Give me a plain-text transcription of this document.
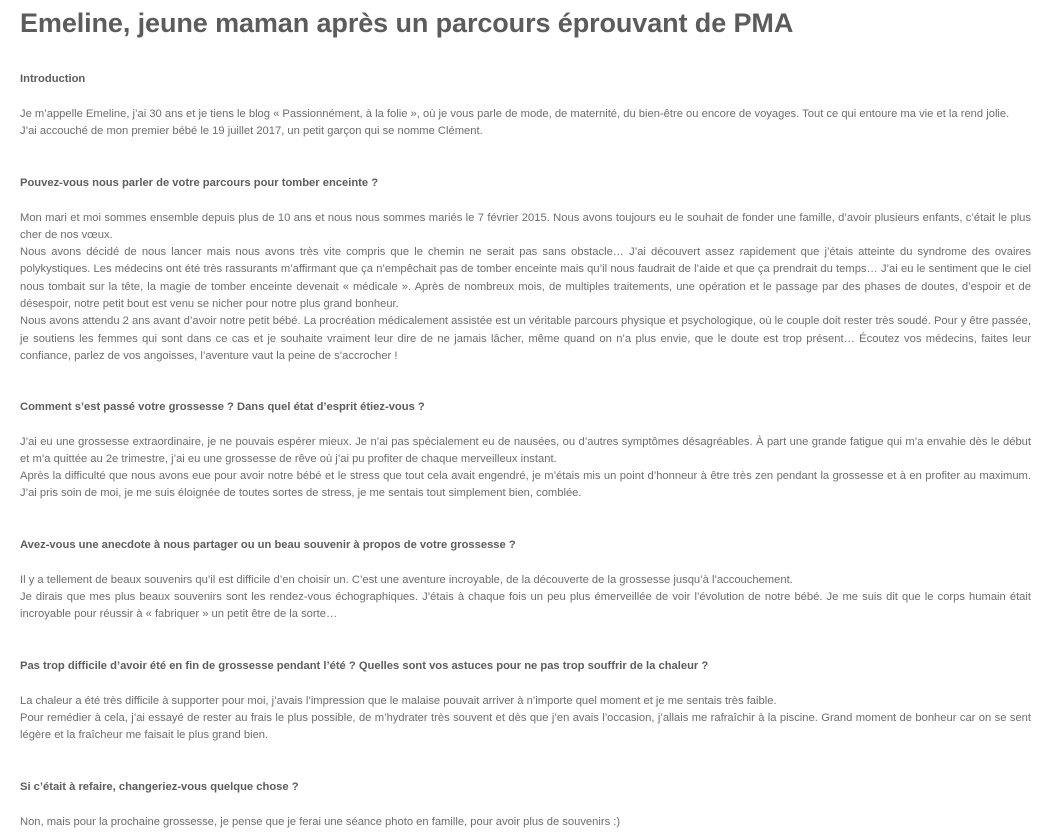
Emeline, jeune maman après un parcours éprouvant de PMA

Introduction

Je m’appelle Emeline, j’ai 30 ans et je tiens le blog « Passionnément, à la folie », où je vous parle de mode, de maternité, du bien-être ou encore de voyages. Tout ce qui entoure ma vie et la rend jolie.

J’ai accouché de mon premier bébé le 19 juillet 2017, un petit garçon qui se nomme Clément.

Pouvez-vous nous parler de votre parcours pour tomber enceinte ?

Mon mari et moi sommes ensemble depuis plus de 10 ans et nous nous sommes mariés le 7 février 2015. Nous avons toujours eu le souhait de fonder une famille, d’avoir plusieurs enfants, c’était le plus cher de nos vœux.

Nous avons décidé de nous lancer mais nous avons très vite compris que le chemin ne serait pas sans obstacle… J’ai découvert assez rapidement que j’étais atteinte du syndrome des ovaires polykystiques. Les médecins ont été très rassurants m’affirmant que ça n’empêchait pas de tomber enceinte mais qu’il nous faudrait de l’aide et que ça prendrait du temps… J’ai eu le sentiment que le ciel nous tombait sur la tête, la magie de tomber enceinte devenait « médicale ». Après de nombreux mois, de multiples traitements, une opération et le passage par des phases de doutes, d’espoir et de désespoir, notre petit bout est venu se nicher pour notre plus grand bonheur.

Nous avons attendu 2 ans avant d’avoir notre petit bébé. La procréation médicalement assistée est un véritable parcours physique et psychologique, où le couple doit rester très soudé. Pour y être passée, je soutiens les femmes qui sont dans ce cas et je souhaite vraiment leur dire de ne jamais lâcher, même quand on n’a plus envie, que le doute est trop présent… Écoutez vos médecins, faites leur confiance, parlez de vos angoisses, l’aventure vaut la peine de s’accrocher !

Comment s’est passé votre grossesse ? Dans quel état d’esprit étiez-vous ?

J’ai eu une grossesse extraordinaire, je ne pouvais espérer mieux. Je n’ai pas spécialement eu de nausées, ou d’autres symptômes désagréables. À part une grande fatigue qui m’a envahie dès le début et m’a quittée au 2e trimestre, j’ai eu une grossesse de rêve où j’ai pu profiter de chaque merveilleux instant.

Après la difficulté que nous avons eue pour avoir notre bébé et le stress que tout cela avait engendré, je m’étais mis un point d’honneur à être très zen pendant la grossesse et à en profiter au maximum. J’ai pris soin de moi, je me suis éloignée de toutes sortes de stress, je me sentais tout simplement bien, comblée.

Avez-vous une anecdote à nous partager ou un beau souvenir à propos de votre grossesse ?

Il y a tellement de beaux souvenirs qu’il est difficile d’en choisir un. C’est une aventure incroyable, de la découverte de la grossesse jusqu’à l’accouchement.

Je dirais que mes plus beaux souvenirs sont les rendez-vous échographiques. J’étais à chaque fois un peu plus émerveillée de voir l’évolution de notre bébé. Je me suis dit que le corps humain était incroyable pour réussir à « fabriquer » un petit être de la sorte…

Pas trop difficile d’avoir été en fin de grossesse pendant l’été ? Quelles sont vos astuces pour ne pas trop souffrir de la chaleur ?

La chaleur a été très difficile à supporter pour moi, j’avais l’impression que le malaise pouvait arriver à n’importe quel moment et je me sentais très faible.

Pour remédier à cela, j’ai essayé de rester au frais le plus possible, de m’hydrater très souvent et dès que j’en avais l’occasion, j’allais me rafraîchir à la piscine. Grand moment de bonheur car on se sent légère et la fraîcheur me faisait le plus grand bien.

Si c’était à refaire, changeriez-vous quelque chose ?

Non, mais pour la prochaine grossesse, je pense que je ferai une séance photo en famille, pour avoir plus de souvenirs :)
